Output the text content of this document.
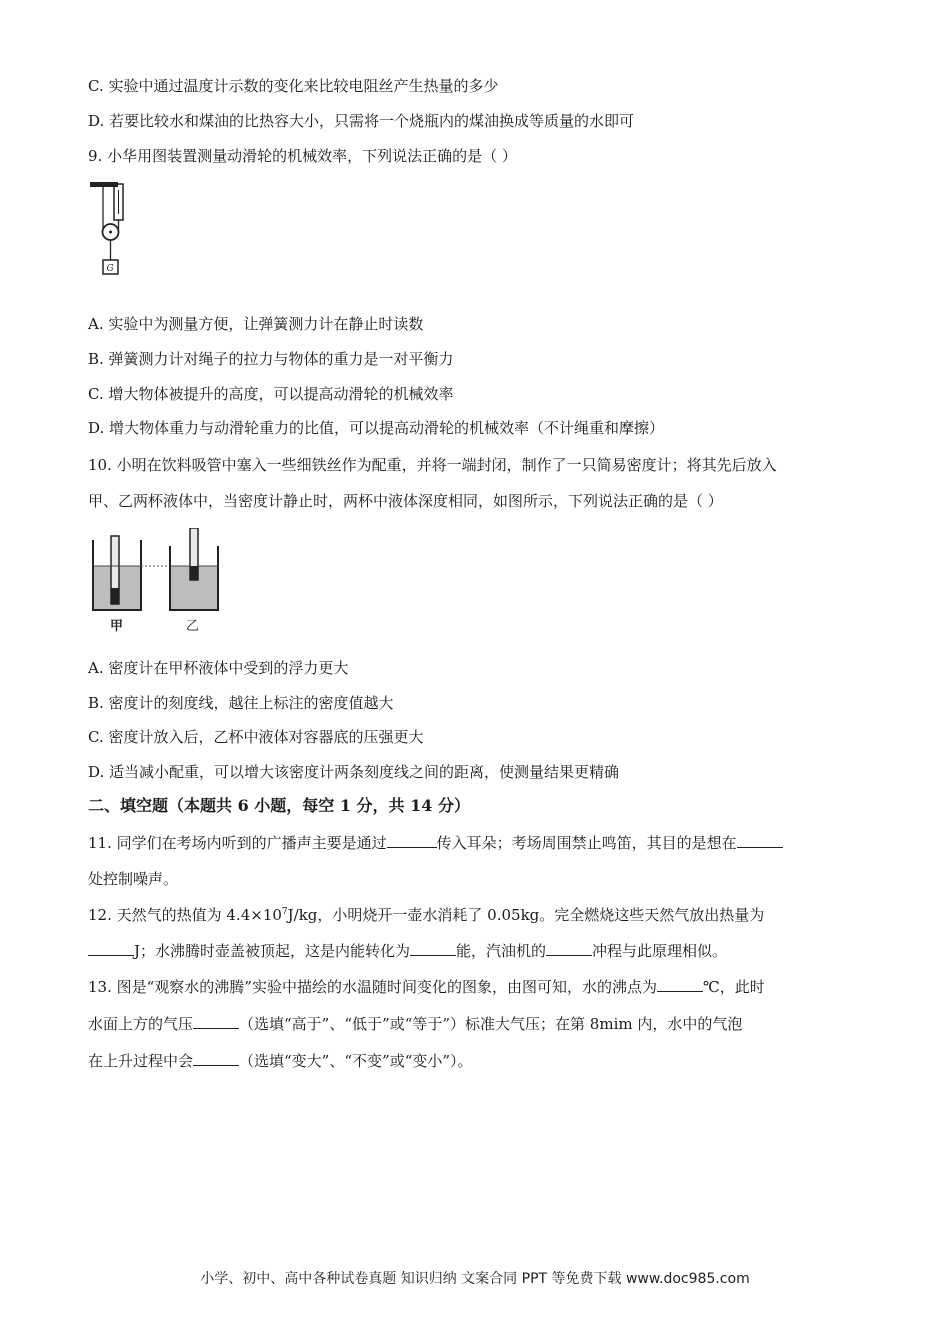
C. 实验中通过温度计示数的变化来比较电阻丝产生热量的多少
D. 若要比较水和煤油的比热容大小，只需将一个烧瓶内的煤油换成等质量的水即可
9. 小华用图装置测量动滑轮的机械效率，下列说法正确的是（ ）
G
A. 实验中为测量方便，让弹簧测力计在静止时读数
B. 弹簧测力计对绳子的拉力与物体的重力是一对平衡力
C. 增大物体被提升的高度，可以提高动滑轮的机械效率
D. 增大物体重力与动滑轮重力的比值，可以提高动滑轮的机械效率（不计绳重和摩擦）
10. 小明在饮料吸管中塞入一些细铁丝作为配重，并将一端封闭，制作了一只简易密度计；将其先后放入
甲、乙两杯液体中，当密度计静止时，两杯中液体深度相同，如图所示，下列说法正确的是（ ）
甲	乙
A. 密度计在甲杯液体中受到的浮力更大
B. 密度计的刻度线，越往上标注的密度值越大
C. 密度计放入后，乙杯中液体对容器底的压强更大
D. 适当减小配重，可以增大该密度计两条刻度线之间的距离，使测量结果更精确
二、填空题（本题共 6 小题，每空 1 分，共 14 分）
11. 同学们在考场内听到的广播声主要是通过	传入耳朵；考场周围禁止鸣笛，其目的是想在
处控制噪声。
12. 天然气的热值为 $4.4\times 10^7J/kg$，小明烧开一壶水消耗了 0.05kg。完全燃烧这些天然气放出热量为
J；水沸腾时壶盖被顶起，这是内能转化为	能，汽油机的	冲程与此原理相似。
13. 图是“观察水的沸腾”实验中描绘的水温随时间变化的图象，由图可知，水的沸点为	℃，此时
水面上方的气压	（选填“高于”、“低于”或“等于”）标准大气压；在第 8mim 内，水中的气泡
在上升过程中会	（选填“变大”、“不变”或“变小”）。
小学、初中、高中各种试卷真题 知识归纳 文案合同 PPT 等免费下载 www.doc985.com
